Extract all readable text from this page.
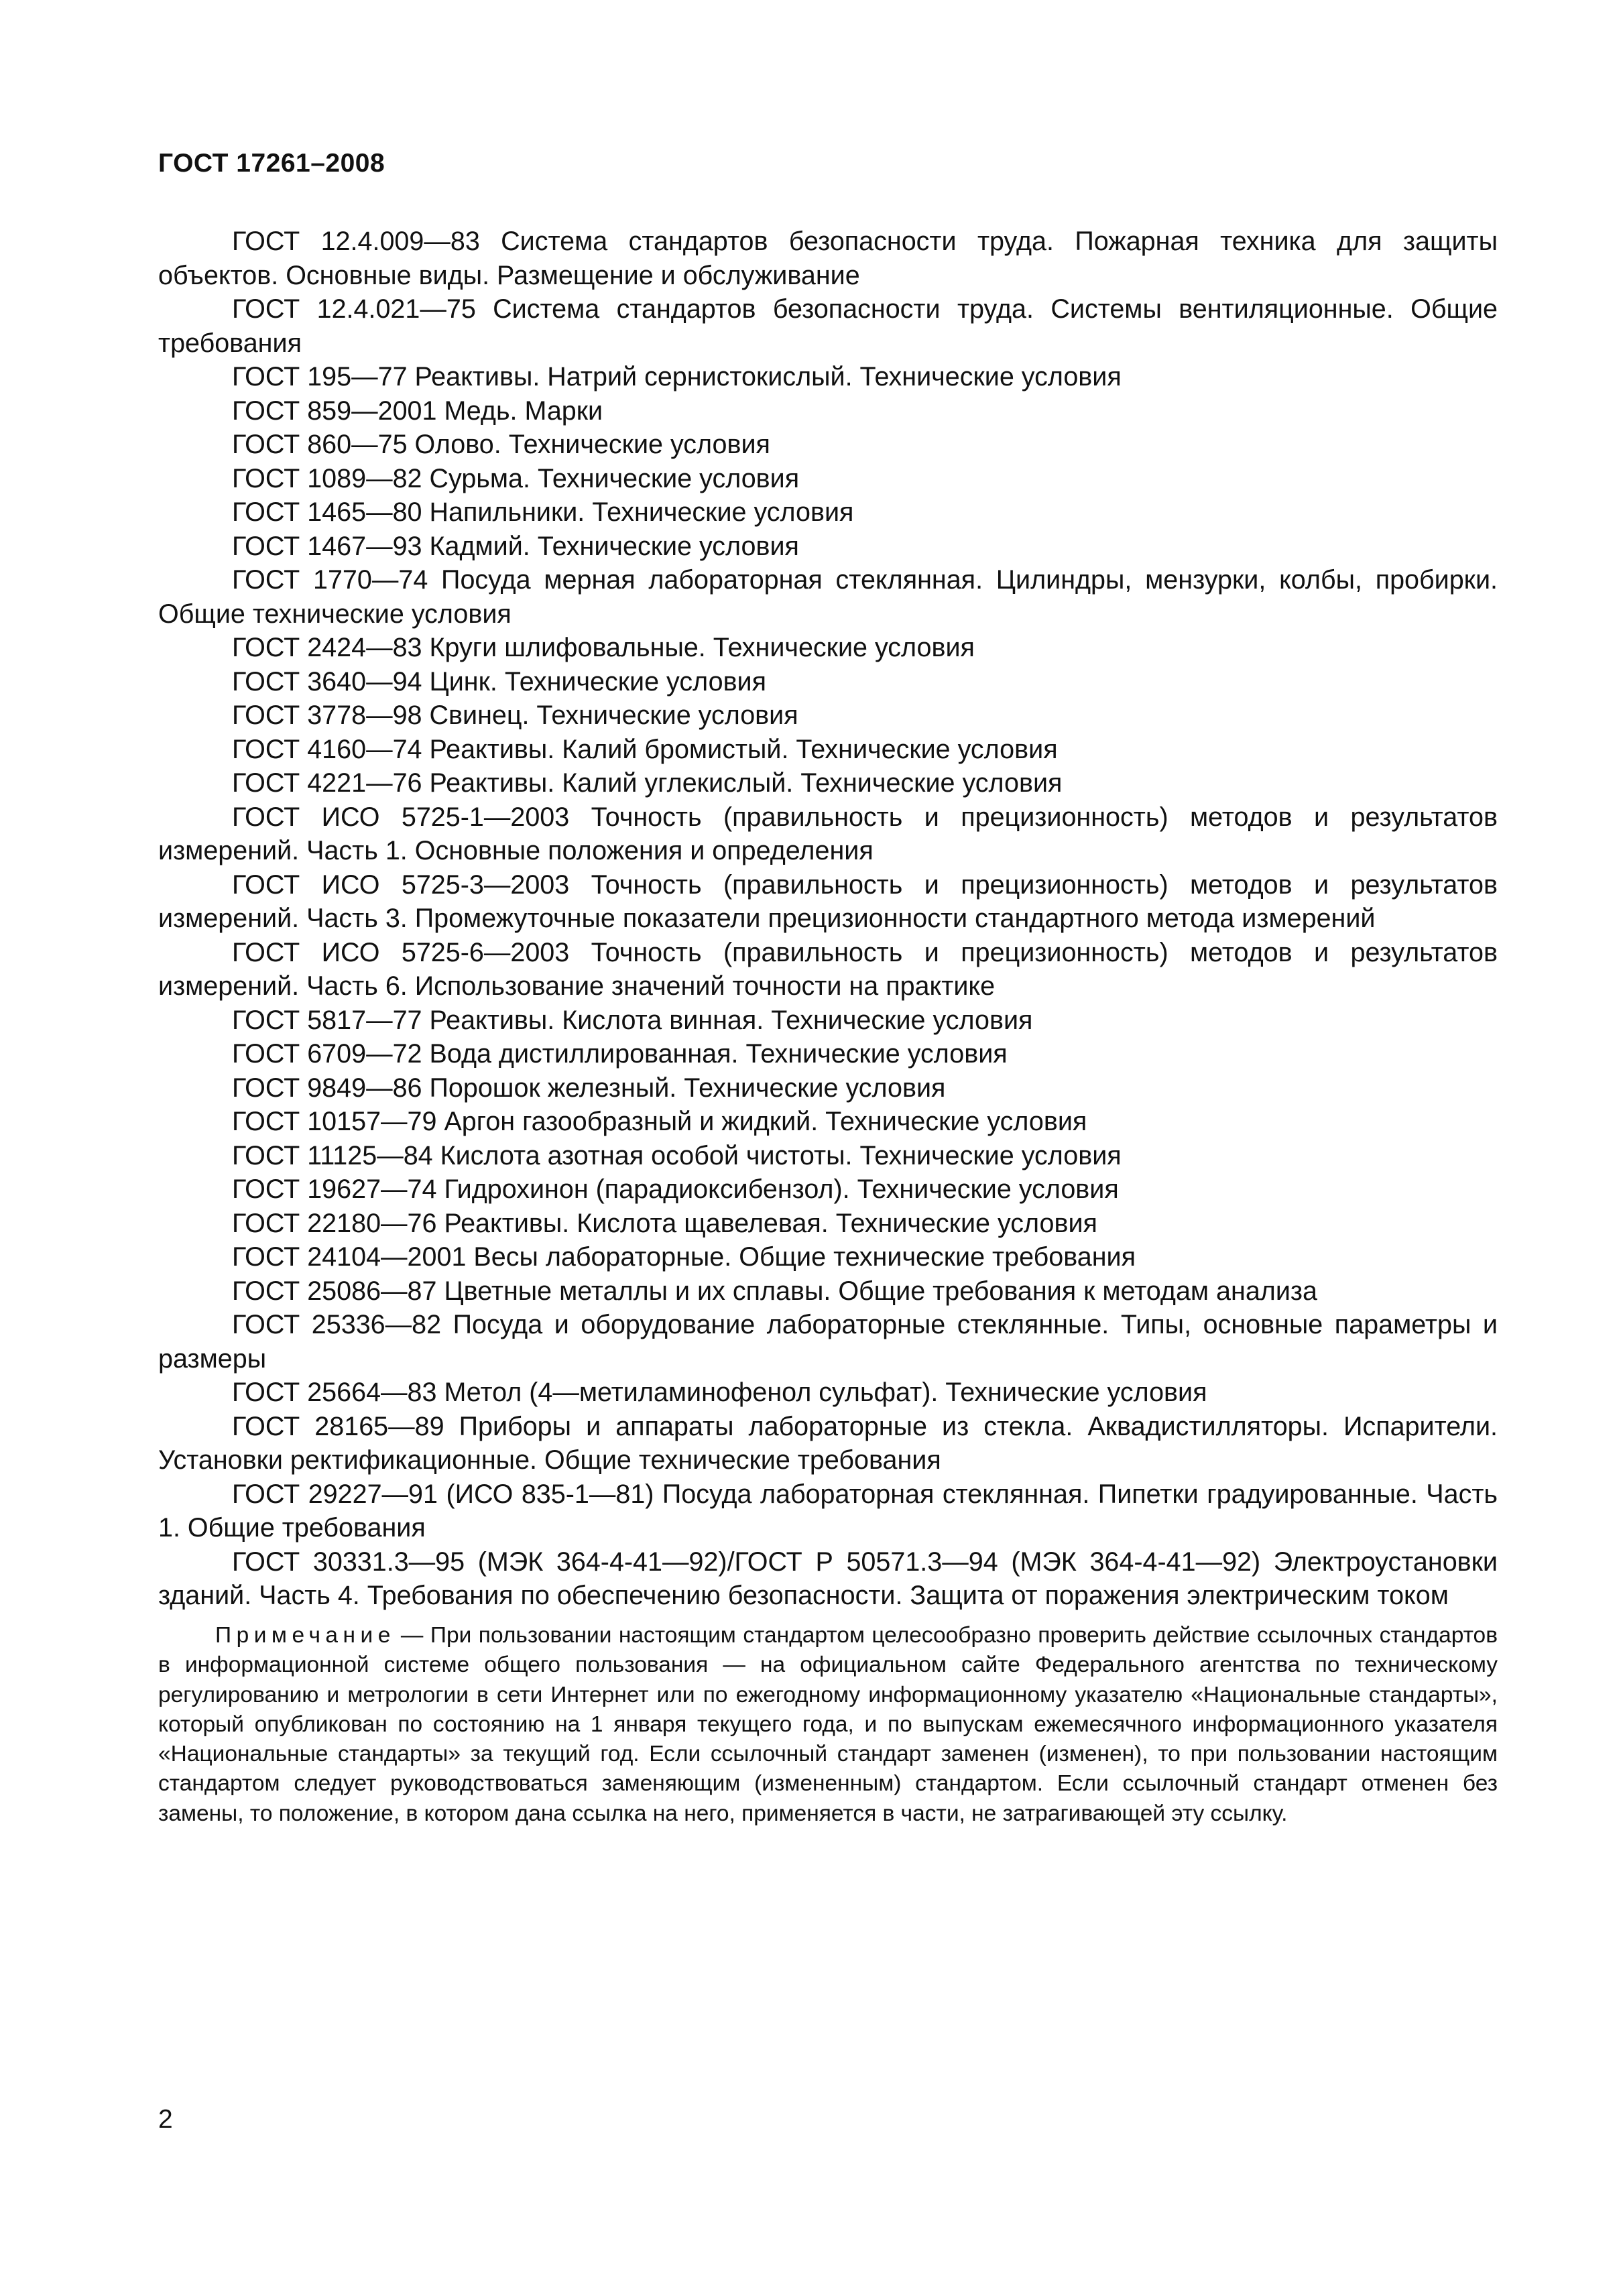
ГОСТ 17261–2008

ГОСТ 12.4.009—83 Система стандартов безопасности труда. Пожарная техника для защиты объектов. Основные виды. Размещение и обслуживание

ГОСТ 12.4.021—75 Система стандартов безопасности труда. Системы вентиляционные. Общие требования

ГОСТ 195—77 Реактивы. Натрий сернистокислый. Технические условия

ГОСТ 859—2001 Медь. Марки

ГОСТ 860—75 Олово. Технические условия

ГОСТ 1089—82 Сурьма. Технические условия

ГОСТ 1465—80 Напильники. Технические условия

ГОСТ 1467—93 Кадмий. Технические условия

ГОСТ 1770—74 Посуда мерная лабораторная стеклянная. Цилиндры, мензурки, колбы, пробирки. Общие технические условия

ГОСТ 2424—83 Круги шлифовальные. Технические условия

ГОСТ 3640—94 Цинк. Технические условия

ГОСТ 3778—98 Свинец. Технические условия

ГОСТ 4160—74 Реактивы. Калий бромистый. Технические условия

ГОСТ 4221—76 Реактивы. Калий углекислый. Технические условия

ГОСТ ИСО 5725-1—2003 Точность (правильность и прецизионность) методов и результатов измерений. Часть 1. Основные положения и определения

ГОСТ ИСО 5725-3—2003 Точность (правильность и прецизионность) методов и результатов измерений. Часть 3. Промежуточные показатели прецизионности стандартного метода измерений

ГОСТ ИСО 5725-6—2003 Точность (правильность и прецизионность) методов и результатов измерений. Часть 6. Использование значений точности на практике

ГОСТ 5817—77 Реактивы. Кислота винная. Технические условия

ГОСТ 6709—72 Вода дистиллированная. Технические условия

ГОСТ 9849—86 Порошок железный. Технические условия

ГОСТ 10157—79 Аргон газообразный и жидкий. Технические условия

ГОСТ 11125—84 Кислота азотная особой чистоты. Технические условия

ГОСТ 19627—74 Гидрохинон (парадиоксибензол). Технические условия

ГОСТ 22180—76 Реактивы. Кислота щавелевая. Технические условия

ГОСТ 24104—2001 Весы лабораторные. Общие технические требования

ГОСТ 25086—87 Цветные металлы и их сплавы. Общие требования к методам анализа

ГОСТ 25336—82 Посуда и оборудование лабораторные стеклянные. Типы, основные параметры и размеры

ГОСТ 25664—83 Метол (4—метиламинофенол сульфат). Технические условия

ГОСТ 28165—89 Приборы и аппараты лабораторные из стекла. Аквадистилляторы. Испарители. Установки ректификационные. Общие технические требования

ГОСТ 29227—91 (ИСО 835-1—81) Посуда лабораторная стеклянная. Пипетки градуированные. Часть 1. Общие требования

ГОСТ 30331.3—95 (МЭК 364-4-41—92)/ГОСТ Р 50571.3—94 (МЭК 364-4-41—92) Электроустановки зданий. Часть 4. Требования по обеспечению безопасности. Защита от поражения электрическим током

Примечание — При пользовании настоящим стандартом целесообразно проверить действие ссылочных стандартов в информационной системе общего пользования — на официальном сайте Федерального агентства по техническому регулированию и метрологии в сети Интернет или по ежегодному информационному указателю «Национальные стандарты», который опубликован по состоянию на 1 января текущего года, и по выпускам ежемесячного информационного указателя «Национальные стандарты» за текущий год. Если ссылочный стандарт заменен (изменен), то при пользовании настоящим стандартом следует руководствоваться заменяющим (измененным) стандартом. Если ссылочный стандарт отменен без замены, то положение, в котором дана ссылка на него, применяется в части, не затрагивающей эту ссылку.

2
